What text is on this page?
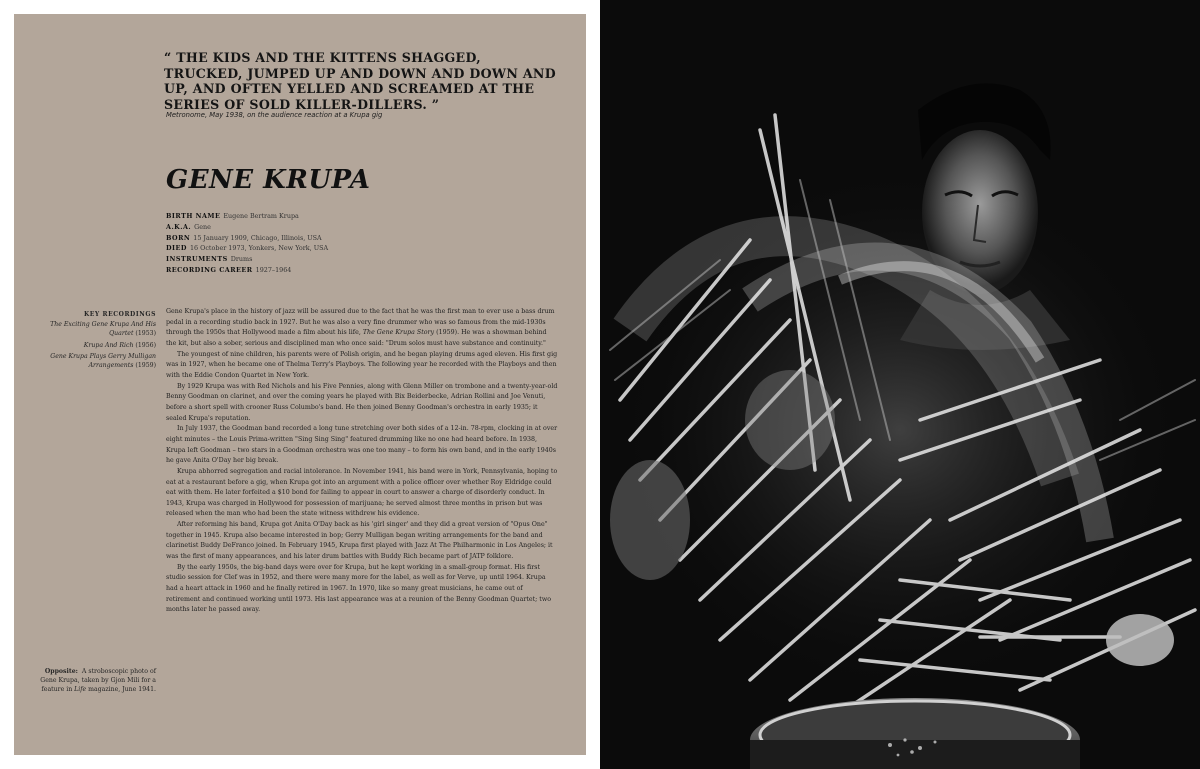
“ THE KIDS AND THE KITTENS SHAGGED, TRUCKED, JUMPED UP AND DOWN AND DOWN AND UP, AND OFTEN YELLED AND SCREAMED AT THE SERIES OF SOLD KILLER-DILLERS. ”
Metronome, May 1938, on the audience reaction at a Krupa gig
GENE KRUPA
BIRTH NAME Eugene Bertram Krupa
A.K.A. Gene
BORN 15 January 1909, Chicago, Illinois, USA
DIED 16 October 1973, Yonkers, New York, USA
INSTRUMENTS Drums
RECORDING CAREER 1927–1964
KEY RECORDINGS
The Exciting Gene Krupa And His Quartet (1953)
Krupa And Rich (1956)
Gene Krupa Plays Gerry Mulligan Arrangements (1959)
Opposite: A stroboscopic photo of Gene Krupa, taken by Gjon Mili for a feature in Life magazine, June 1941.

Gene Krupa's place in the history of jazz will be assured due to the fact that he was the first man to ever use a bass drum pedal in a recording studio back in 1927. But he was also a very fine drummer who was so famous from the mid-1930s through the 1950s that Hollywood made a film about his life, The Gene Krupa Story (1959). He was a showman behind the kit, but also a sober, serious and disciplined man who once said: "Drum solos must have substance and continuity."

The youngest of nine children, his parents were of Polish origin, and he began playing drums aged eleven. His first gig was in 1927, when he became one of Thelma Terry's Playboys. The following year he recorded with the Playboys and then with the Eddie Condon Quartet in New York.

By 1929 Krupa was with Red Nichols and his Five Pennies, along with Glenn Miller on trombone and a twenty-year-old Benny Goodman on clarinet, and over the coming years he played with Bix Beiderbecke, Adrian Rollini and Joe Venuti, before a short spell with crooner Russ Columbo's band. He then joined Benny Goodman's orchestra in early 1935; it sealed Krupa's reputation.

In July 1937, the Goodman band recorded a long tune stretching over both sides of a 12-in. 78-rpm, clocking in at over eight minutes – the Louis Prima-written "Sing Sing Sing" featured drumming like no one had heard before. In 1938, Krupa left Goodman – two stars in a Goodman orchestra was one too many – to form his own band, and in the early 1940s he gave Anita O'Day her big break.

Krupa abhorred segregation and racial intolerance. In November 1941, his band were in York, Pennsylvania, hoping to eat at a restaurant before a gig, when Krupa got into an argument with a police officer over whether Roy Eldridge could eat with them. He later forfeited a $10 bond for failing to appear in court to answer a charge of disorderly conduct. In 1943, Krupa was charged in Hollywood for possession of marijuana; he served almost three months in prison but was released when the man who had been the state witness withdrew his evidence.

After reforming his band, Krupa got Anita O'Day back as his 'girl singer' and they did a great version of "Opus One" together in 1945. Krupa also became interested in bop; Gerry Mulligan began writing arrangements for the band and clarinetist Buddy DeFranco joined. In February 1945, Krupa first played with Jazz At The Philharmonic in Los Angeles; it was the first of many appearances, and his later drum battles with Buddy Rich became part of JATP folklore.

By the early 1950s, the big-band days were over for Krupa, but he kept working in a small-group format. His first studio session for Clef was in 1952, and there were many more for the label, as well as for Verve, up until 1964. Krupa had a heart attack in 1960 and he finally retired in 1967. In 1970, like so many great musicians, he came out of retirement and continued working until 1973. His last appearance was at a reunion of the Benny Goodman Quartet; two months later he passed away.
